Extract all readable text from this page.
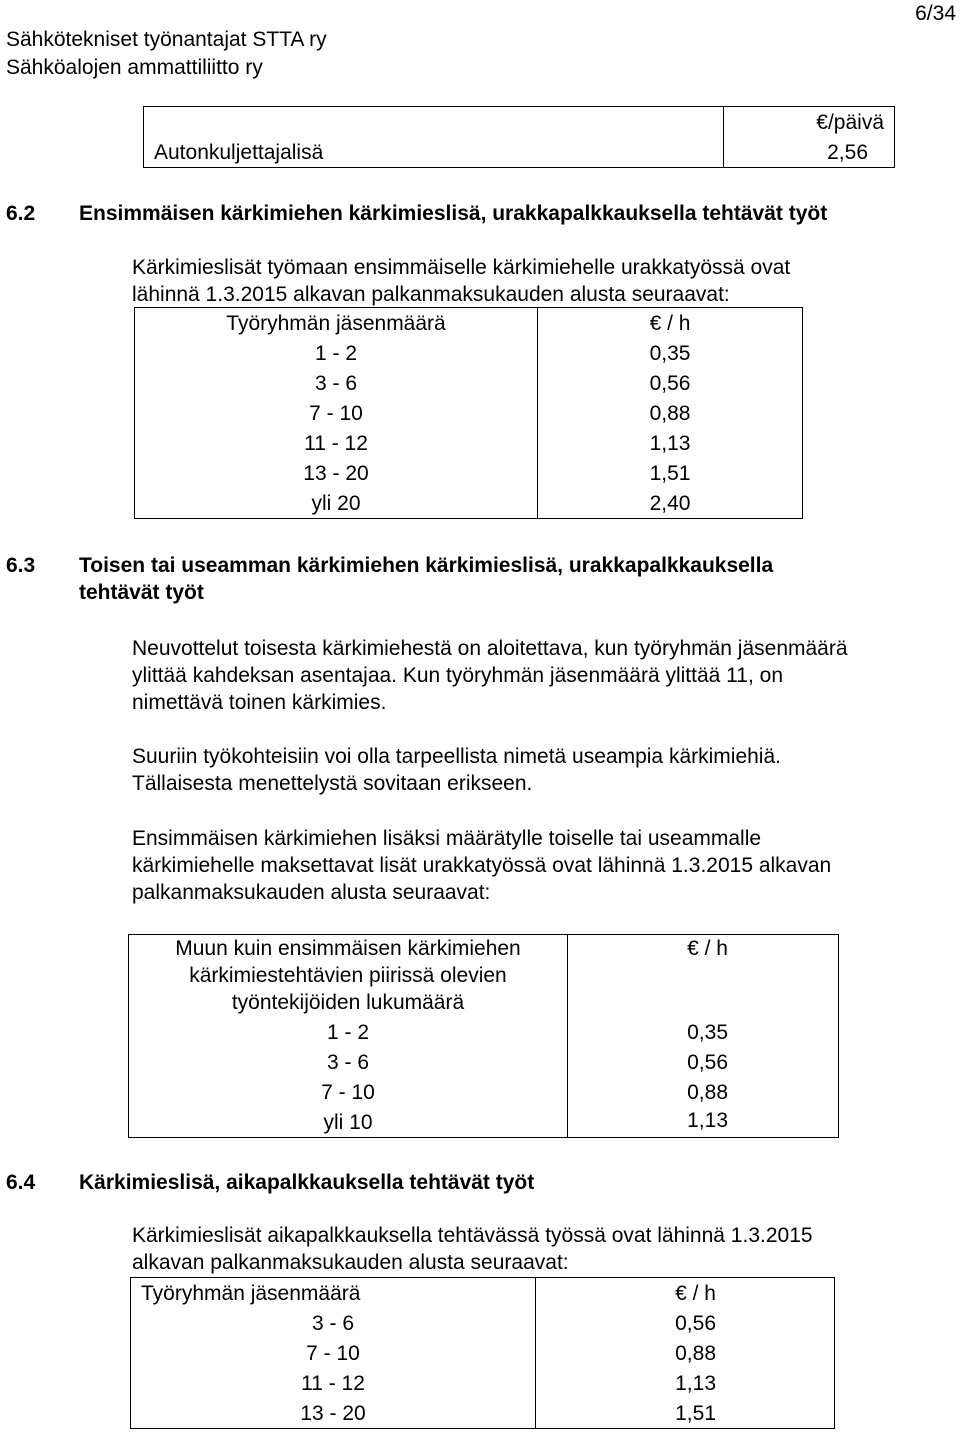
6/34
Sähkötekniset työnantajat STTA ry
Sähköalojen ammattiliitto ry
	€/päivä
Autonkuljettajalisä	2,56
6.2 Ensimmäisen kärkimiehen kärkimieslisä, urakkapalkkauksella tehtävät työt
Kärkimieslisät työmaan ensimmäiselle kärkimiehelle urakkatyössä ovat
lähinnä 1.3.2015 alkavan palkanmaksukauden alusta seuraavat:
Työryhmän jäsenmäärä	€ / h
1 - 2	0,35
3 - 6	0,56
7 - 10	0,88
11 - 12	1,13
13 - 20	1,51
yli 20	2,40
6.3 Toisen tai useamman kärkimiehen kärkimieslisä, urakkapalkkauksella
tehtävät työt
Neuvottelut toisesta kärkimiehestä on aloitettava, kun työryhmän jäsenmäärä
ylittää kahdeksan asentajaa. Kun työryhmän jäsenmäärä ylittää 11, on
nimettävä toinen kärkimies.
Suuriin työkohteisiin voi olla tarpeellista nimetä useampia kärkimiehiä.
Tällaisesta menettelystä sovitaan erikseen.
Ensimmäisen kärkimiehen lisäksi määrätylle toiselle tai useammalle
kärkimiehelle maksettavat lisät urakkatyössä ovat lähinnä 1.3.2015 alkavan
palkanmaksukauden alusta seuraavat:
Muun kuin ensimmäisen kärkimiehen
kärkimiestehtävien piirissä olevien
työntekijöiden lukumäärä	€ / h
1 - 2	0,35
3 - 6	0,56
7 - 10	0,88
yli 10	1,13
6.4 Kärkimieslisä, aikapalkkauksella tehtävät työt
Kärkimieslisät aikapalkkauksella tehtävässä työssä ovat lähinnä 1.3.2015
alkavan palkanmaksukauden alusta seuraavat:
Työryhmän jäsenmäärä	€ / h
3 - 6	0,56
7 - 10	0,88
11 - 12	1,13
13 - 20	1,51
